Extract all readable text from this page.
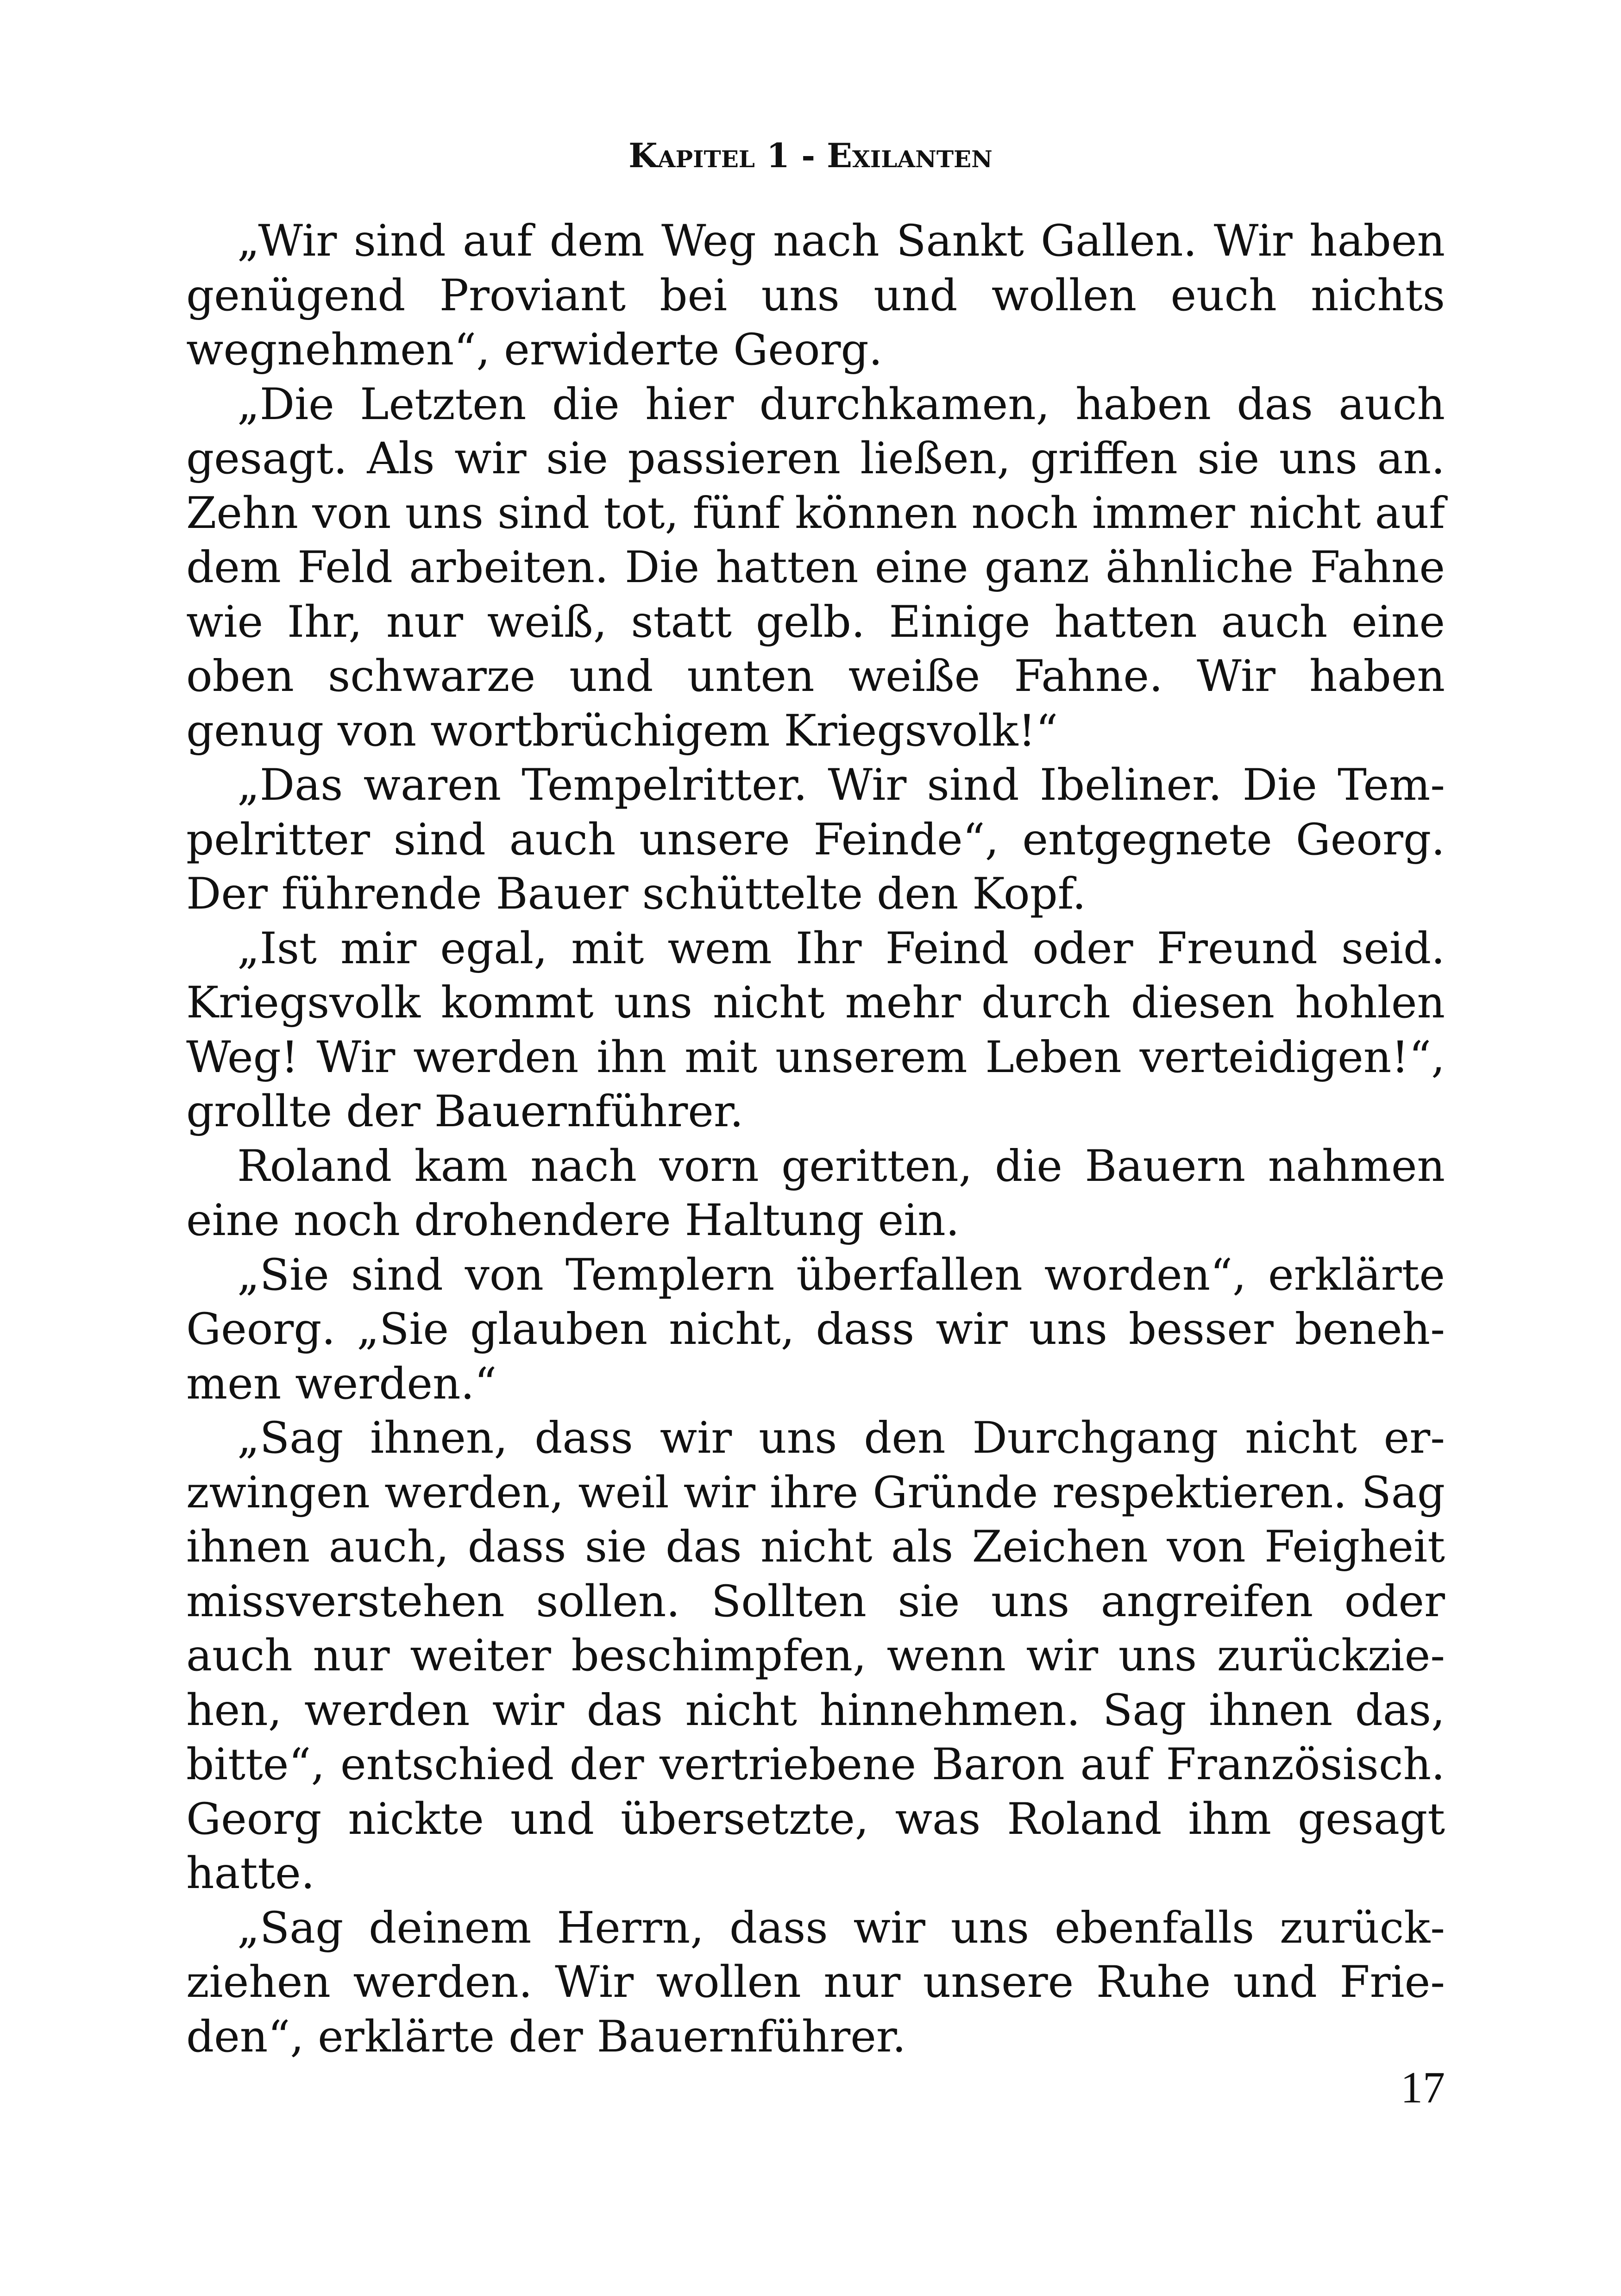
Kapitel 1 - Exilanten

„Wir sind auf dem Weg nach Sankt Gallen. Wir haben genügend Proviant bei uns und wollen euch nichts wegnehmen“, erwiderte Georg.

„Die Letzten die hier durchkamen, haben das auch gesagt. Als wir sie passieren ließen, griffen sie uns an. Zehn von uns sind tot, fünf können noch immer nicht auf dem Feld arbeiten. Die hatten eine ganz ähnliche Fahne wie Ihr, nur weiß, statt gelb. Einige hatten auch eine oben schwarze und unten weiße Fahne. Wir haben genug von wortbrüchigem Kriegsvolk!“

„Das waren Tempelritter. Wir sind Ibeliner. Die Tempelritter sind auch unsere Feinde“, entgegnete Georg. Der führende Bauer schüttelte den Kopf.

„Ist mir egal, mit wem Ihr Feind oder Freund seid. Kriegsvolk kommt uns nicht mehr durch diesen hohlen Weg! Wir werden ihn mit unserem Leben verteidigen!“, grollte der Bauernführer.

Roland kam nach vorn geritten, die Bauern nahmen eine noch drohendere Haltung ein.

„Sie sind von Templern überfallen worden“, erklärte Georg. „Sie glauben nicht, dass wir uns besser benehmen werden.“

„Sag ihnen, dass wir uns den Durchgang nicht erzwingen werden, weil wir ihre Gründe respektieren. Sag ihnen auch, dass sie das nicht als Zeichen von Feigheit missverstehen sollen. Sollten sie uns angreifen oder auch nur weiter beschimpfen, wenn wir uns zurückziehen, werden wir das nicht hinnehmen. Sag ihnen das, bitte“, entschied der vertriebene Baron auf Französisch. Georg nickte und übersetzte, was Roland ihm gesagt hatte.

„Sag deinem Herrn, dass wir uns ebenfalls zurückziehen werden. Wir wollen nur unsere Ruhe und Frieden“, erklärte der Bauernführer.

17
